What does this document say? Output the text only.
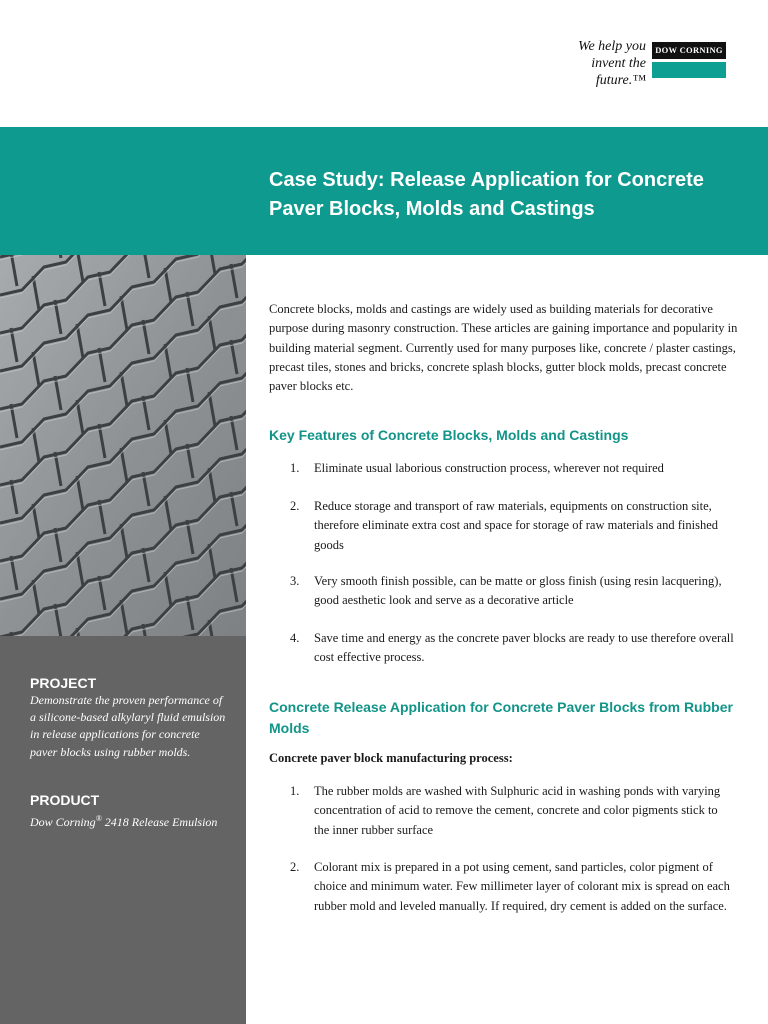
We help you
invent the future.™
DOW CORNING
Case Study: Release Application for Concrete Paver Blocks, Molds and Castings
PROJECT
Demonstrate the proven performance of a silicone-based alkylaryl fluid emulsion in release applications for concrete paver blocks using rubber molds.
PRODUCT
Dow Corning® 2418 Release Emulsion

Concrete blocks, molds and castings are widely used as building materials for decorative purpose during masonry construction. These articles are gaining importance and popularity in building material segment. Currently used for many purposes like, concrete / plaster castings, precast tiles, stones and bricks, concrete splash blocks, gutter block molds, precast concrete paver blocks etc.

Key Features of Concrete Blocks, Molds and Castings
1.	Eliminate usual laborious construction process, wherever not required
2.	Reduce storage and transport of raw materials, equipments on construction site, therefore eliminate extra cost and space for storage of raw materials and finished goods
3.	Very smooth finish possible, can be matte or gloss finish (using resin lacquering), good aesthetic look and serve as a decorative article
4.	Save time and energy as the concrete paver blocks are ready to use therefore overall cost effective process.
Concrete Release Application for Concrete Paver Blocks from Rubber Molds

Concrete paver block manufacturing process:

1.	The rubber molds are washed with Sulphuric acid in washing ponds with varying concentration of acid to remove the cement, concrete and color pigments stick to the inner rubber surface
2.	Colorant mix is prepared in a pot using cement, sand particles, color pigment of choice and minimum water. Few millimeter layer of colorant mix is spread on each rubber mold and leveled manually. If required, dry cement is added on the surface.
